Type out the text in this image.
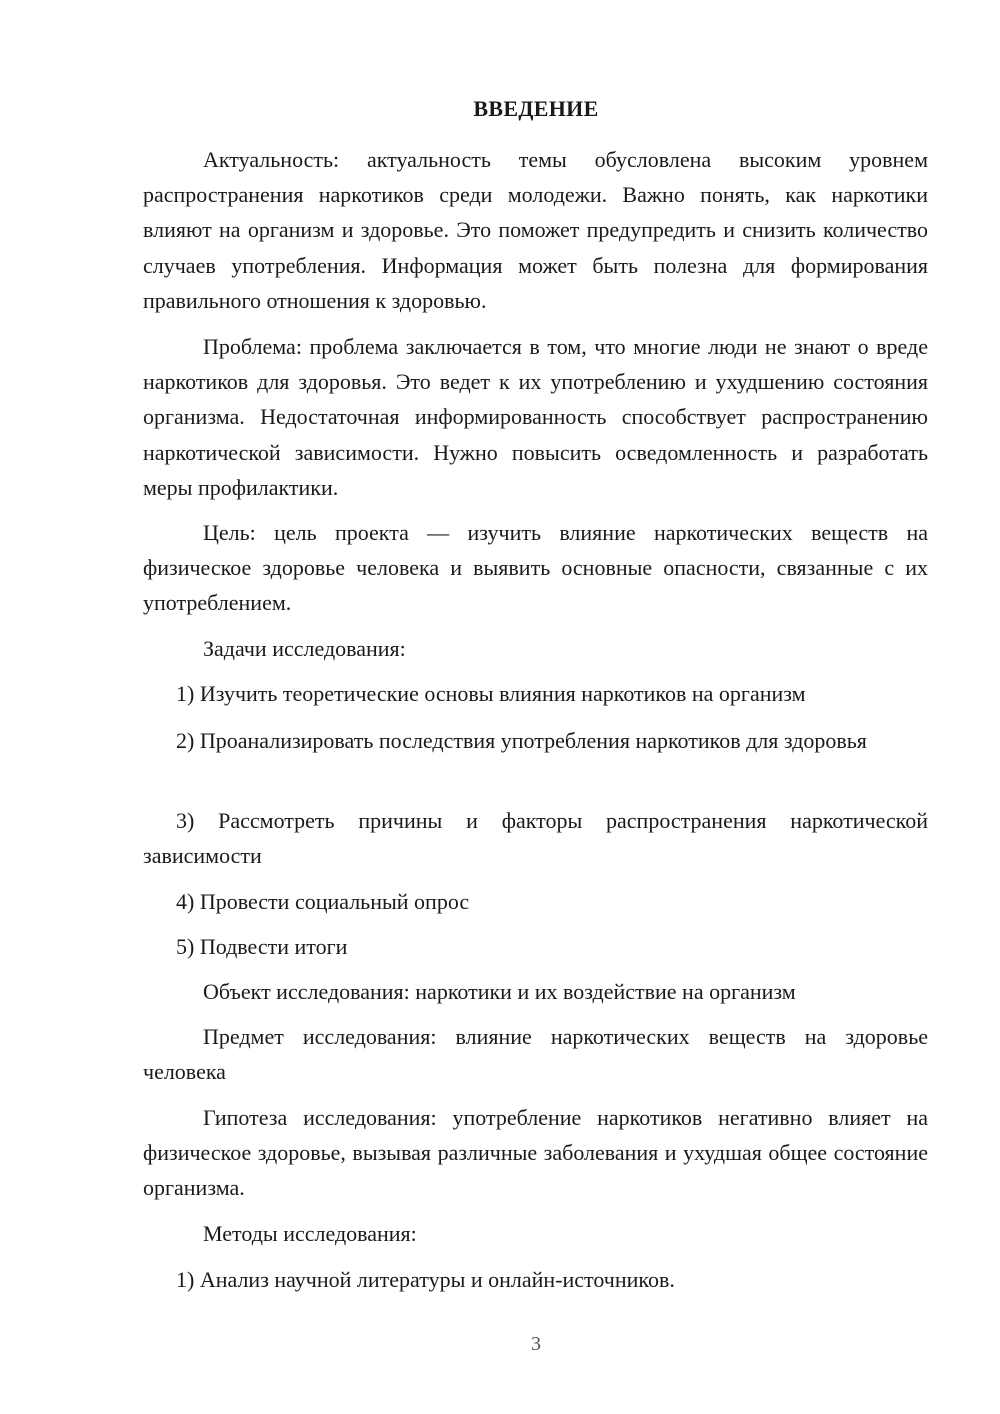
ВВЕДЕНИЕ

Актуальность: актуальность темы обусловлена высоким уровнем распространения наркотиков среди молодежи. Важно понять, как наркотики влияют на организм и здоровье. Это поможет предупредить и снизить количество случаев употребления. Информация может быть полезна для формирования правильного отношения к здоровью.

Проблема: проблема заключается в том, что многие люди не знают о вреде наркотиков для здоровья. Это ведет к их употреблению и ухудшению состояния организма. Недостаточная информированность способствует распространению наркотической зависимости. Нужно повысить осведомленность и разработать меры профилактики.

Цель: цель проекта — изучить влияние наркотических веществ на физическое здоровье человека и выявить основные опасности, связанные с их употреблением.

Задачи исследования:

1) Изучить теоретические основы влияния наркотиков на организм

2) Проанализировать последствия употребления наркотиков для здоровья

3) Рассмотреть причины и факторы распространения наркотической зависимости

4) Провести социальный опрос

5) Подвести итоги

Объект исследования: наркотики и их воздействие на организм

Предмет исследования: влияние наркотических веществ на здоровье человека

Гипотеза исследования: употребление наркотиков негативно влияет на физическое здоровье, вызывая различные заболевания и ухудшая общее состояние организма.

Методы исследования:

1) Анализ научной литературы и онлайн-источников.

3
